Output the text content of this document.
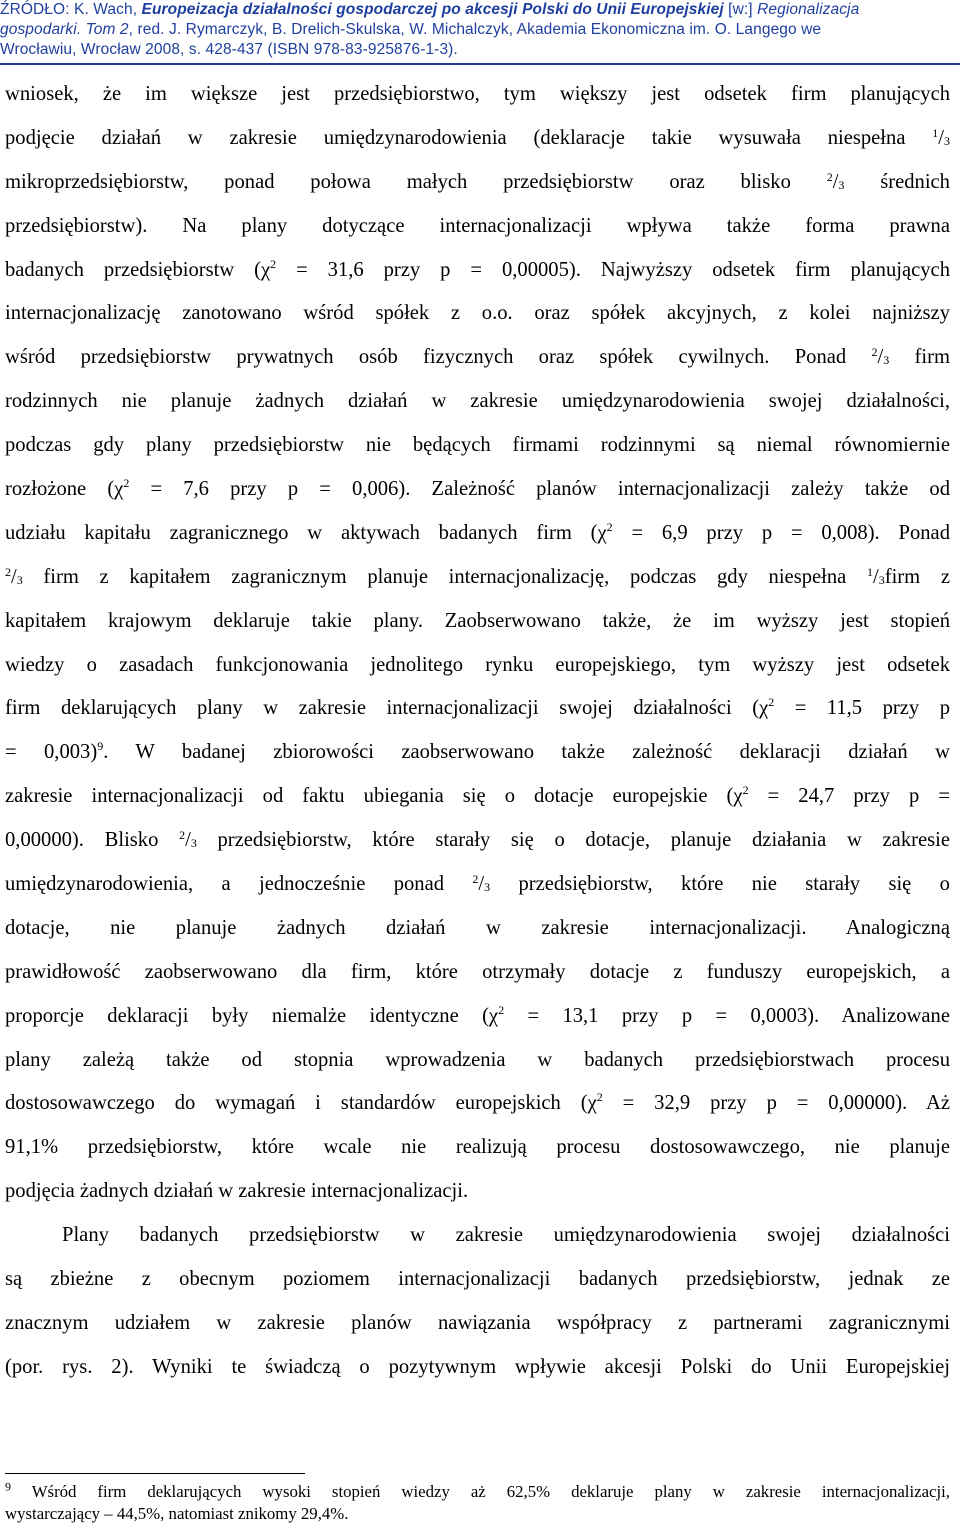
ŹRÓDŁO: K. Wach, Europeizacja działalności gospodarczej po akcesji Polski do Unii Europejskiej [w:] Regionalizacja
gospodarki. Tom 2, red. J. Rymarczyk, B. Drelich-Skulska, W. Michalczyk, Akademia Ekonomiczna im. O. Langego we
Wrocławiu, Wrocław 2008, s. 428-437 (ISBN 978-83-925876-1-3).
wniosek, że im większe jest przedsiębiorstwo, tym większy jest odsetek firm planujących
podjęcie działań w zakresie umiędzynarodowienia (deklaracje takie wysuwała niespełna $^1/_3$
mikroprzedsiębiorstw, ponad połowa małych przedsiębiorstw oraz blisko $^2/_3$ średnich
przedsiębiorstw). Na plany dotyczące internacjonalizacji wpływa także forma prawna
badanych przedsiębiorstw ($\chi^2 = 31,6$ przy p = 0,00005). Najwyższy odsetek firm planujących
internacjonalizację zanotowano wśród spółek z o.o. oraz spółek akcyjnych, z kolei najniższy
wśród przedsiębiorstw prywatnych osób fizycznych oraz spółek cywilnych. Ponad $^2/_3$ firm
rodzinnych nie planuje żadnych działań w zakresie umiędzynarodowienia swojej działalności,
podczas gdy plany przedsiębiorstw nie będących firmami rodzinnymi są niemal równomiernie
rozłożone ($\chi^2 = 7,6$ przy p = 0,006). Zależność planów internacjonalizacji zależy także od
udziału kapitału zagranicznego w aktywach badanych firm ($\chi^2 = 6,9$ przy p = 0,008). Ponad
$^2/_3$ firm z kapitałem zagranicznym planuje internacjonalizację, podczas gdy niespełna $^1/_3firm$ z
kapitałem krajowym deklaruje takie plany. Zaobserwowano także, że im wyższy jest stopień
wiedzy o zasadach funkcjonowania jednolitego rynku europejskiego, tym wyższy jest odsetek
firm deklarujących plany w zakresie internacjonalizacji swojej działalności ($\chi^2 = 11,5$ przy p
= 0,003)$^9$. W badanej zbiorowości zaobserwowano także zależność deklaracji działań w
zakresie internacjonalizacji od faktu ubiegania się o dotacje europejskie ($\chi^2 = 24,7$ przy p =
0,00000). Blisko $^2/_3$ przedsiębiorstw, które starały się o dotacje, planuje działania w zakresie
umiędzynarodowienia, a jednocześnie ponad $^2/_3$ przedsiębiorstw, które nie starały się o
dotacje, nie planuje żadnych działań w zakresie internacjonalizacji. Analogiczną
prawidłowość zaobserwowano dla firm, które otrzymały dotacje z funduszy europejskich, a
proporcje deklaracji były niemalże identyczne ($\chi^2 = 13,1$ przy p = 0,0003). Analizowane
plany zależą także od stopnia wprowadzenia w badanych przedsiębiorstwach procesu
dostosowawczego do wymagań i standardów europejskich ($\chi^2 = 32,9$ przy p = 0,00000). Aż
91,1% przedsiębiorstw, które wcale nie realizują procesu dostosowawczego, nie planuje
podjęcia żadnych działań w zakresie internacjonalizacji.
Plany badanych przedsiębiorstw w zakresie umiędzynarodowienia swojej działalności
są zbieżne z obecnym poziomem internacjonalizacji badanych przedsiębiorstw, jednak ze
znacznym udziałem w zakresie planów nawiązania współpracy z partnerami zagranicznymi
(por. rys. 2). Wyniki te świadczą o pozytywnym wpływie akcesji Polski do Unii Europejskiej
$^9$ Wśród firm deklarujących wysoki stopień wiedzy aż 62,5% deklaruje plany w zakresie internacjonalizacji,
wystarczający – 44,5%, natomiast znikomy 29,4%.
